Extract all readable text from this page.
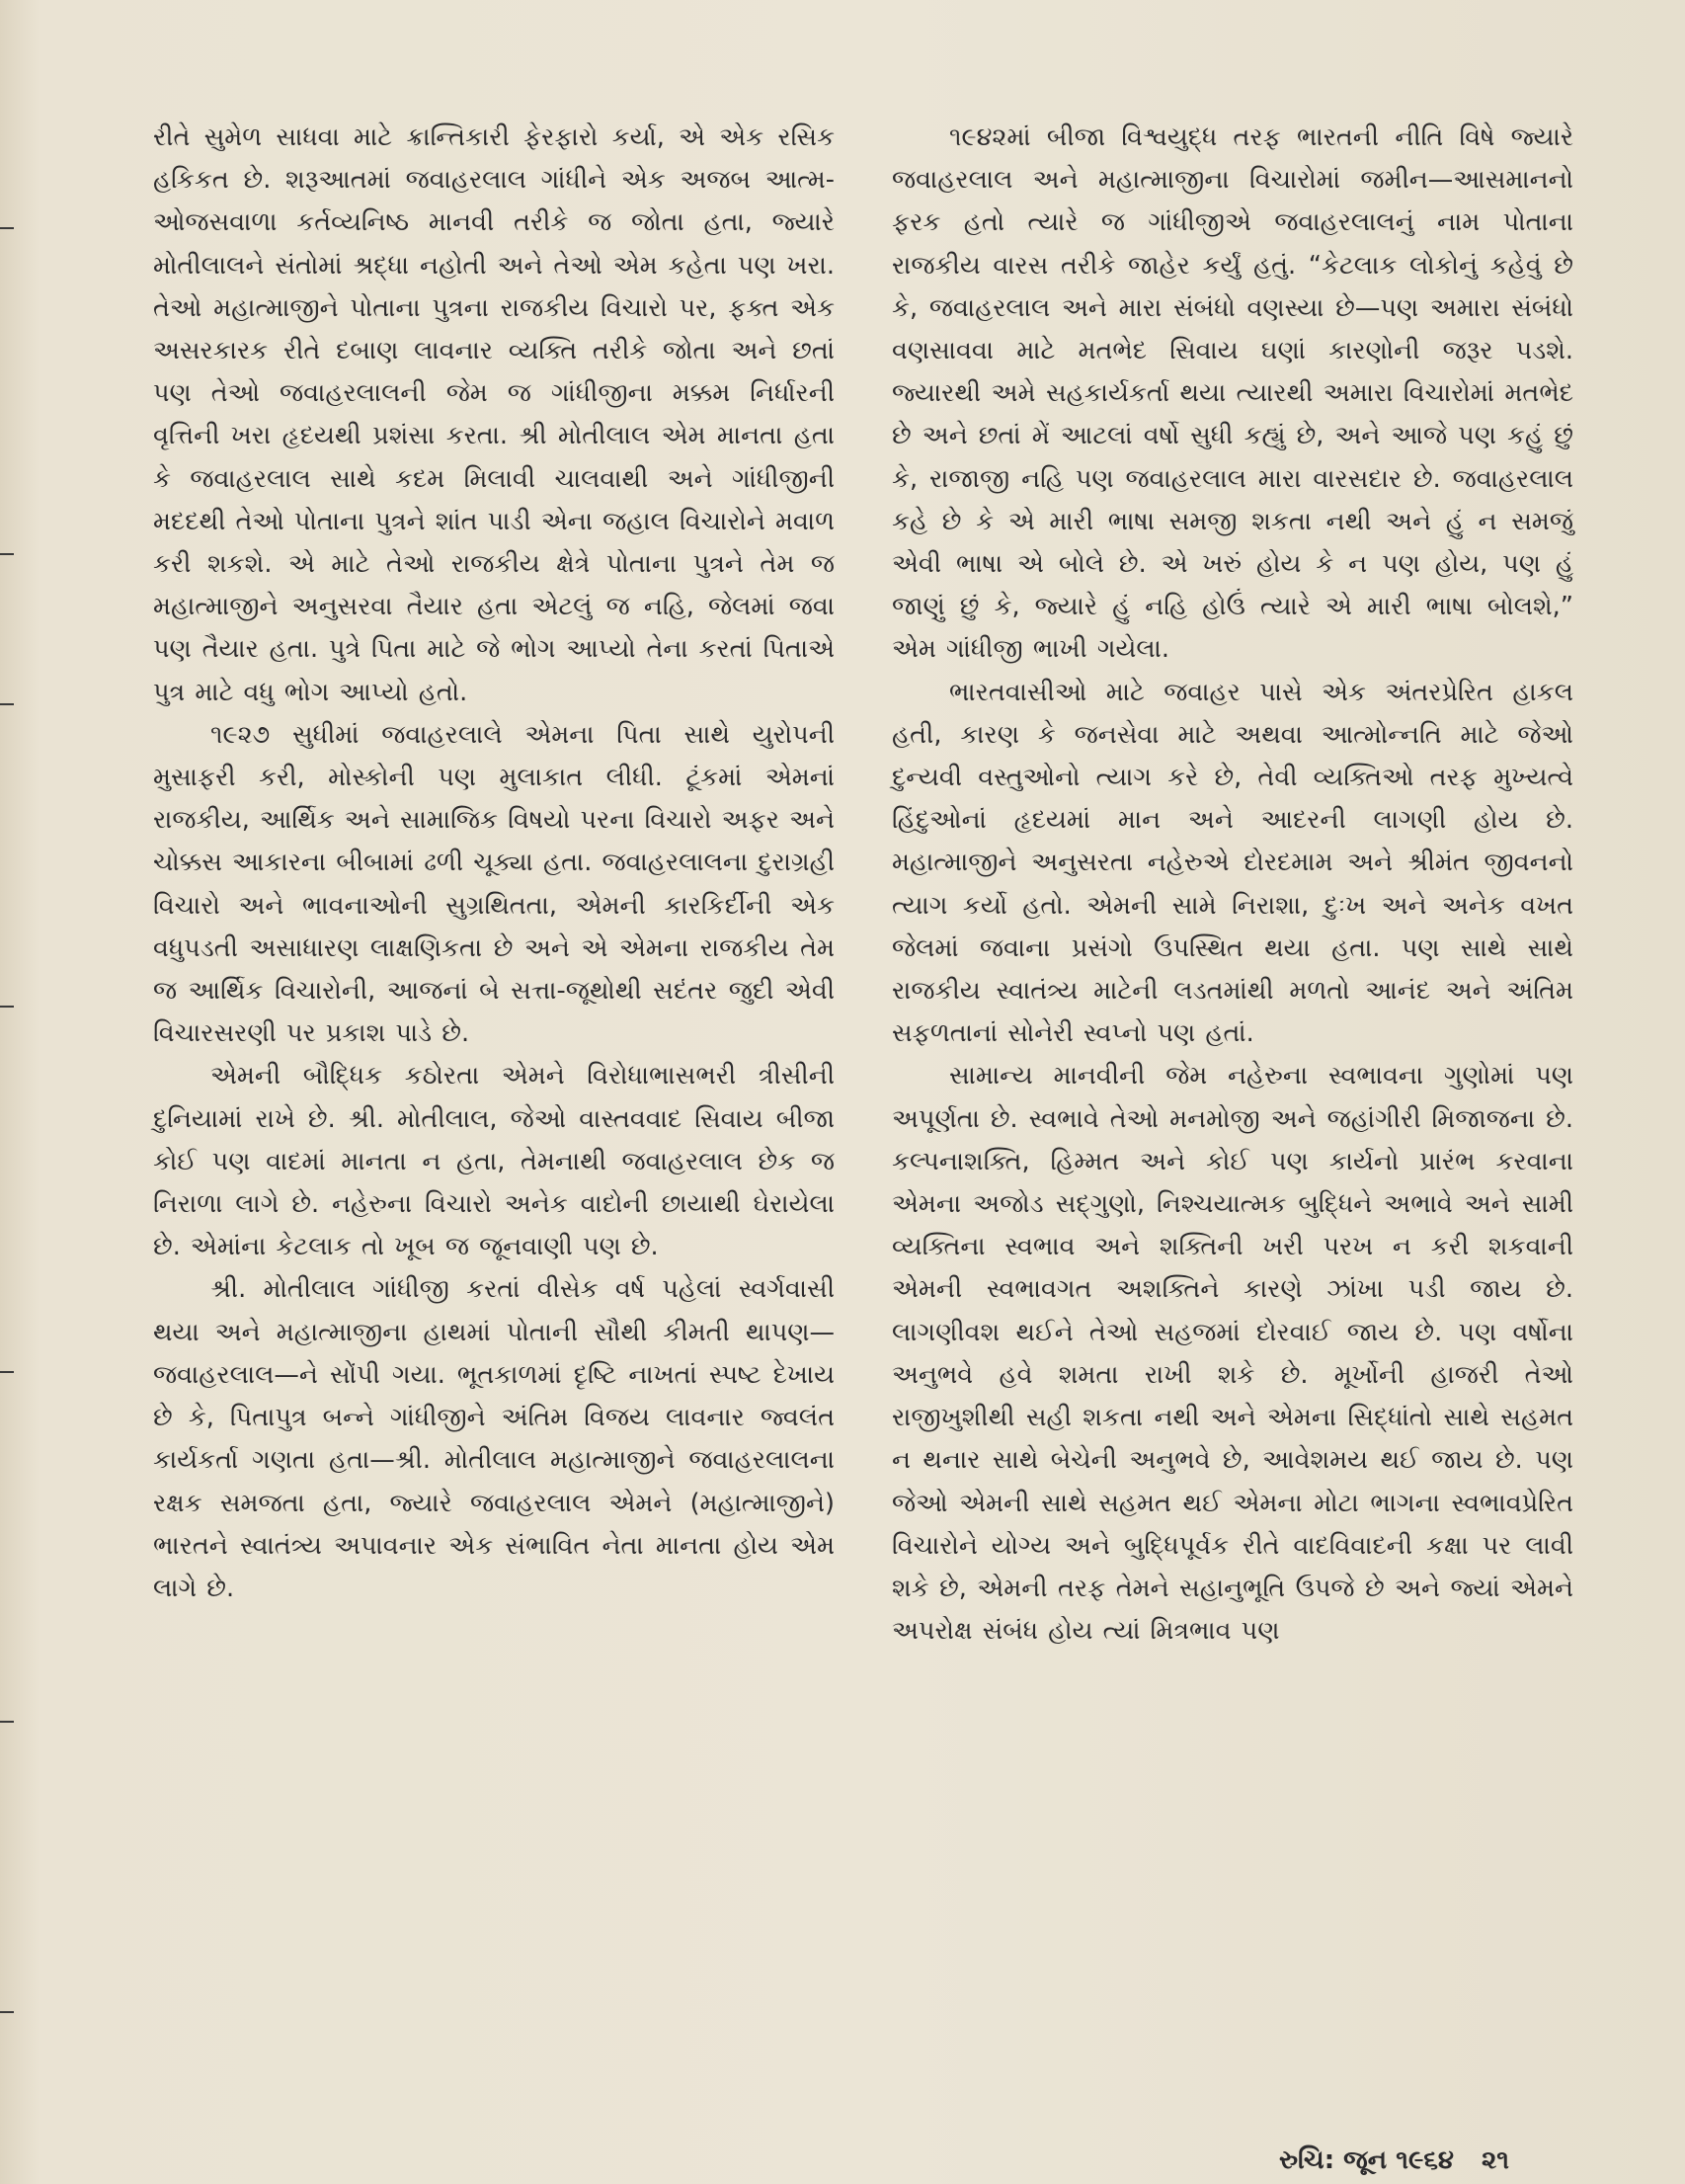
રીતે સુમેળ સાધવા માટે ક્રાન્તિકારી ફેરફારો કર્યા, એ એક રસિક હકિકત છે. શરૂઆતમાં જવાહરલાલ ગાંધીને એક અજબ આત્મ-ઓજસવાળા કર્તવ્યનિષ્ઠ માનવી તરીકે જ જોતા હતા, જ્યારે મોતીલાલને સંતોમાં શ્રદ્ધા નહોતી અને તેઓ એમ કહેતા પણ ખરા. તેઓ મહાત્માજીને પોતાના પુત્રના રાજકીય વિચારો પર, ફક્ત એક અસરકારક રીતે દબાણ લાવનાર વ્યક્તિ તરીકે જોતા અને છતાં પણ તેઓ જવાહરલાલની જેમ જ ગાંધીજીના મક્કમ નિર્ધારની વૃત્તિની ખરા હૃદયથી પ્રશંસા કરતા. શ્રી મોતીલાલ એમ માનતા હતા કે જવાહરલાલ સાથે કદમ મિલાવી ચાલવાથી અને ગાંધીજીની મદદથી તેઓ પોતાના પુત્રને શાંત પાડી એના જહાલ વિચારોને મવાળ કરી શકશે. એ માટે તેઓ રાજકીય ક્ષેત્રે પોતાના પુત્રને તેમ જ મહાત્માજીને અનુસરવા તૈયાર હતા એટલું જ નહિ, જેલમાં જવા પણ તૈયાર હતા. પુત્રે પિતા માટે જે ભોગ આપ્યો તેના કરતાં પિતાએ પુત્ર માટે વધુ ભોગ આપ્યો હતો.

૧૯૨૭ સુધીમાં જવાહરલાલે એમના પિતા સાથે યુરોપની મુસાફરી કરી, મોસ્કોની પણ મુલાકાત લીધી. ટૂંકમાં એમનાં રાજકીય, આર્થિક અને સામાજિક વિષયો પરના વિચારો અફર અને ચોક્કસ આકારના બીબામાં ઢળી ચૂક્યા હતા. જવાહરલાલના દુરાગ્રહી વિચારો અને ભાવનાઓની સુગ્રથિતતા, એમની કારકિર્દીની એક વધુપડતી અસાધારણ લાક્ષણિકતા છે અને એ એમના રાજકીય તેમ જ આર્થિક વિચારોની, આજનાં બે સત્તા-જૂથોથી સદંતર જુદી એવી વિચારસરણી પર પ્રકાશ પાડે છે.

એમની બૌદ્ધિક કઠોરતા એમને વિરોધાભાસભરી ત્રીસીની દુનિયામાં રાખે છે. શ્રી. મોતીલાલ, જેઓ વાસ્તવવાદ સિવાય બીજા કોઈ પણ વાદમાં માનતા ન હતા, તેમનાથી જવાહરલાલ છેક જ નિરાળા લાગે છે. નહેરુના વિચારો અનેક વાદોની છાયાથી ઘેરાયેલા છે. એમાંના કેટલાક તો ખૂબ જ જૂનવાણી પણ છે.

શ્રી. મોતીલાલ ગાંધીજી કરતાં વીસેક વર્ષ પહેલાં સ્વર્ગવાસી થયા અને મહાત્માજીના હાથમાં પોતાની સૌથી કીમતી થાપણ—જવાહરલાલ—ને સોંપી ગયા. ભૂતકાળમાં દૃષ્ટિ નાખતાં સ્પષ્ટ દેખાય છે કે, પિતાપુત્ર બન્ને ગાંધીજીને અંતિમ વિજય લાવનાર જ્વલંત કાર્યકર્તા ગણતા હતા—શ્રી. મોતીલાલ મહાત્માજીને જવાહરલાલના રક્ષક સમજતા હતા, જ્યારે જવાહરલાલ એમને (મહાત્માજીને) ભારતને સ્વાતંત્ર્ય અપાવનાર એક સંભાવિત નેતા માનતા હોય એમ લાગે છે.

૧૯૪૨માં બીજા વિશ્વયુદ્ધ તરફ ભારતની નીતિ વિષે જ્યારે જવાહરલાલ અને મહાત્માજીના વિચારોમાં જમીન—આસમાનનો ફરક હતો ત્યારે જ ગાંધીજીએ જવાહરલાલનું નામ પોતાના રાજકીય વારસ તરીકે જાહેર કર્યું હતું. “કેટલાક લોકોનું કહેવું છે કે, જવાહરલાલ અને મારા સંબંધો વણસ્યા છે—પણ અમારા સંબંધો વણસાવવા માટે મતભેદ સિવાય ઘણાં કારણોની જરૂર પડશે. જ્યારથી અમે સહકાર્યકર્તા થયા ત્યારથી અમારા વિચારોમાં મતભેદ છે અને છતાં મેં આટલાં વર્ષો સુધી કહ્યું છે, અને આજે પણ કહું છું કે, રાજાજી નહિ પણ જવાહરલાલ મારા વારસદાર છે. જવાહરલાલ કહે છે કે એ મારી ભાષા સમજી શકતા નથી અને હું ન સમજું એવી ભાષા એ બોલે છે. એ ખરું હોય કે ન પણ હોય, પણ હું જાણું છું કે, જ્યારે હું નહિ હોઉં ત્યારે એ મારી ભાષા બોલશે,” એમ ગાંધીજી ભાખી ગયેલા.

ભારતવાસીઓ માટે જવાહર પાસે એક અંતરપ્રેરિત હાકલ હતી, કારણ કે જનસેવા માટે અથવા આત્મોન્નતિ માટે જેઓ દુન્યવી વસ્તુઓનો ત્યાગ કરે છે, તેવી વ્યક્તિઓ તરફ મુખ્યત્વે હિંદુઓનાં હૃદયમાં માન અને આદરની લાગણી હોય છે. મહાત્માજીને અનુસરતા નહેરુએ દોરદમામ અને શ્રીમંત જીવનનો ત્યાગ કર્યો હતો. એમની સામે નિરાશા, દુઃખ અને અનેક વખત જેલમાં જવાના પ્રસંગો ઉપસ્થિત થયા હતા. પણ સાથે સાથે રાજકીય સ્વાતંત્ર્ય માટેની લડતમાંથી મળતો આનંદ અને અંતિમ સફળતાનાં સોનેરી સ્વપ્નો પણ હતાં.

સામાન્ય માનવીની જેમ નહેરુના સ્વભાવના ગુણોમાં પણ અપૂર્ણતા છે. સ્વભાવે તેઓ મનમોજી અને જહાંગીરી મિજાજના છે. કલ્પનાશક્તિ, હિમ્મત અને કોઈ પણ કાર્યનો પ્રારંભ કરવાના એમના અજોડ સદ્ગુણો, નિશ્ચયાત્મક બુદ્ધિને અભાવે અને સામી વ્યક્તિના સ્વભાવ અને શક્તિની ખરી પરખ ન કરી શકવાની એમની સ્વભાવગત અશક્તિને કારણે ઝાંખા પડી જાય છે. લાગણીવશ થઈને તેઓ સહજમાં દોરવાઈ જાય છે. પણ વર્ષોના અનુભવે હવે શમતા રાખી શકે છે. મૂર્ખોની હાજરી તેઓ રાજીખુશીથી સહી શકતા નથી અને એમના સિદ્ધાંતો સાથે સહમત ન થનાર સાથે બેચેની અનુભવે છે, આવેશમય થઈ જાય છે. પણ જેઓ એમની સાથે સહમત થઈ એમના મોટા ભાગના સ્વભાવપ્રેરિત વિચારોને યોગ્ય અને બુદ્ધિપૂર્વક રીતે વાદવિવાદની કક્ષા પર લાવી શકે છે, એમની તરફ તેમને સહાનુભૂતિ ઉપજે છે અને જ્યાં એમને અપરોક્ષ સંબંધ હોય ત્યાં મિત્રભાવ પણ

રુચિ: જૂન ૧૯૬૪ ૨૧
